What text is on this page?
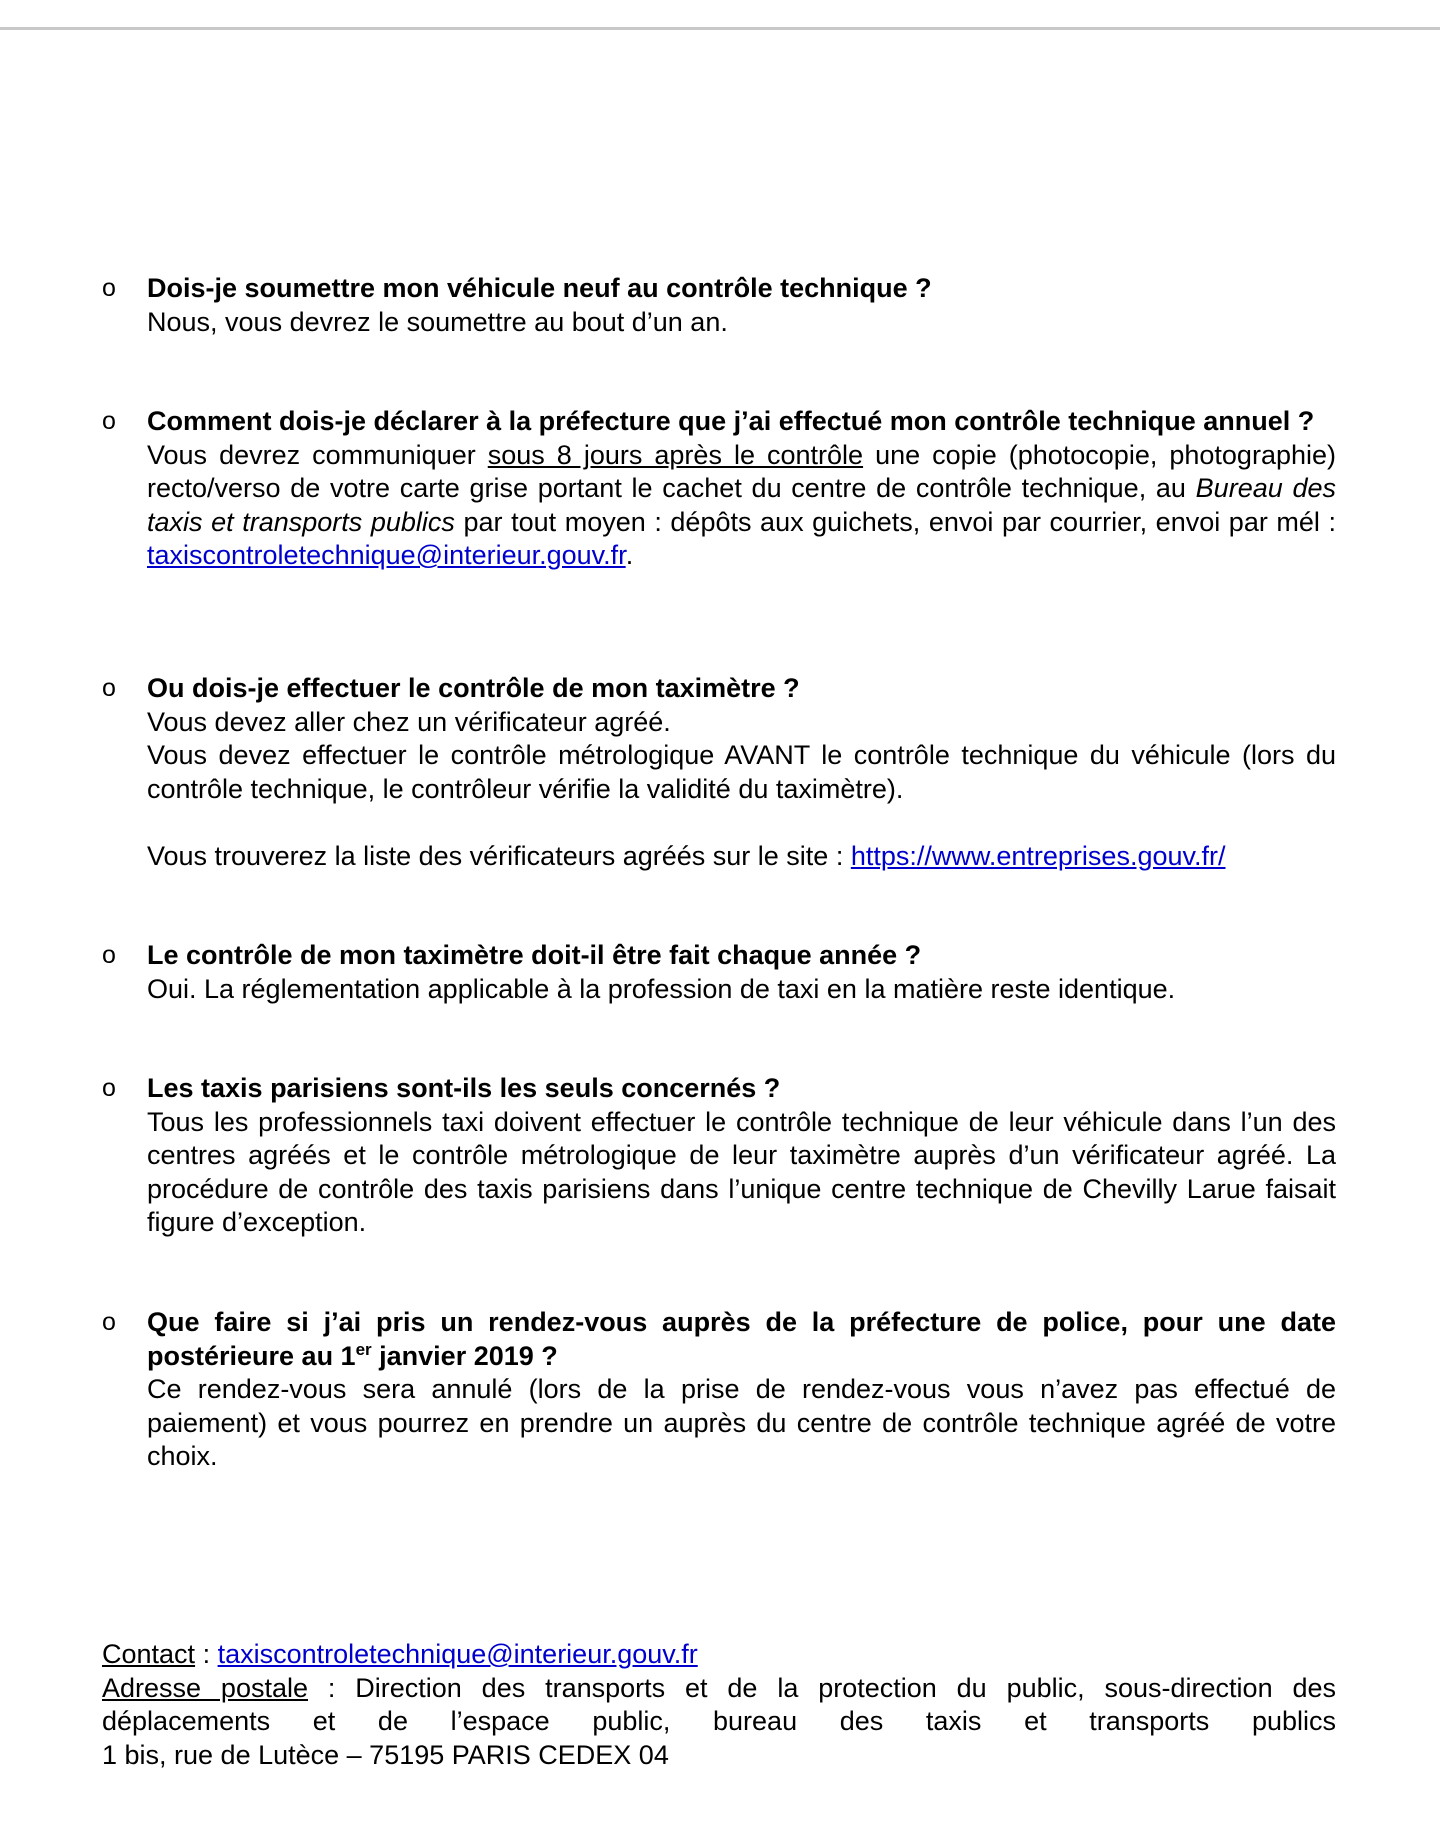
o	Dois-je soumettre mon véhicule neuf au contrôle technique ?

Nous, vous devrez le soumettre au bout d’un an.

o	Comment dois-je déclarer à la préfecture que j’ai effectué mon contrôle technique annuel ?

Vous devrez communiquer sous 8 jours après le contrôle une copie (photocopie, photographie) recto/verso de votre carte grise portant le cachet du centre de contrôle technique, au Bureau des taxis et transports publics par tout moyen : dépôts aux guichets, envoi par courrier, envoi par mél : taxiscontroletechnique@interieur.gouv.fr.

o	Ou dois-je effectuer le contrôle de mon taximètre ?

Vous devez aller chez un vérificateur agréé.

Vous devez effectuer le contrôle métrologique AVANT le contrôle technique du véhicule (lors du contrôle technique, le contrôleur vérifie la validité du taximètre).

Vous trouverez la liste des vérificateurs agréés sur le site : https://www.entreprises.gouv.fr/

o	Le contrôle de mon taximètre doit-il être fait chaque année ?

Oui. La réglementation applicable à la profession de taxi en la matière reste identique.

o	Les taxis parisiens sont-ils les seuls concernés ?

Tous les professionnels taxi doivent effectuer le contrôle technique de leur véhicule dans l’un des centres agréés et le contrôle métrologique de leur taximètre auprès d’un vérificateur agréé. La procédure de contrôle des taxis parisiens dans l’unique centre technique de Chevilly Larue faisait figure d’exception.

o	Que faire si j’ai pris un rendez-vous auprès de la préfecture de police, pour une date postérieure au 1er janvier 2019 ?

Ce rendez-vous sera annulé (lors de la prise de rendez-vous vous n’avez pas effectué de paiement) et vous pourrez en prendre un auprès du centre de contrôle technique agréé de votre choix.

Contact : taxiscontroletechnique@interieur.gouv.fr

Adresse postale : Direction des transports et de la protection du public, sous-direction des déplacements et de l’espace public, bureau des taxis et transports publics

1 bis, rue de Lutèce – 75195 PARIS CEDEX 04
